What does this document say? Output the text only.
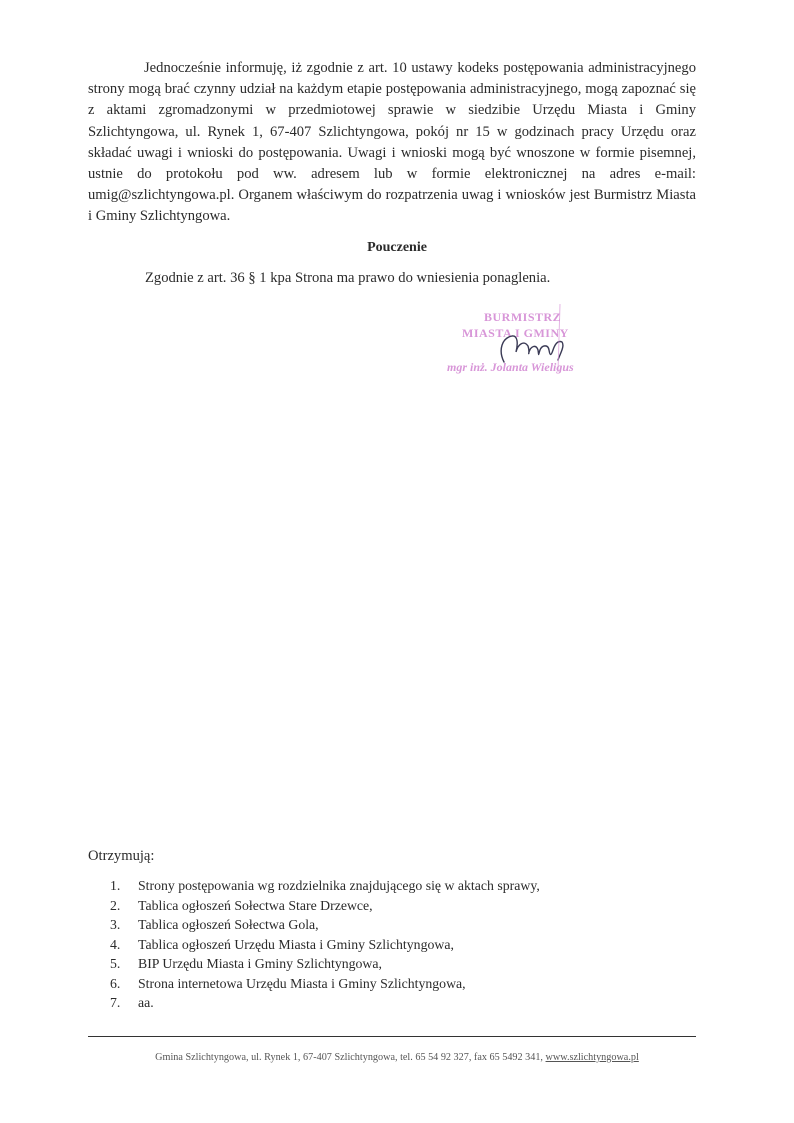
Jednocześnie informuję, iż zgodnie z art. 10 ustawy kodeks postępowania administracyjnego strony mogą brać czynny udział na każdym etapie postępowania administracyjnego, mogą zapoznać się z aktami zgromadzonymi w przedmiotowej sprawie w siedzibie Urzędu Miasta i Gminy Szlichtyngowa, ul. Rynek 1, 67-407 Szlichtyngowa, pokój nr 15 w godzinach pracy Urzędu oraz składać uwagi i wnioski do postępowania. Uwagi i wnioski mogą być wnoszone w formie pisemnej, ustnie do protokołu pod ww. adresem lub w formie elektronicznej na adres e-mail: umig@szlichtyngowa.pl. Organem właściwym do rozpatrzenia uwag i wniosków jest Burmistrz Miasta i Gminy Szlichtyngowa.

Pouczenie

Zgodnie z art. 36 § 1 kpa Strona ma prawo do wniesienia ponaglenia.

BURMISTRZ
MIASTA I GMINY
mgr inż. Jolanta Wieligus

Otrzymują:

1.	Strony postępowania wg rozdzielnika znajdującego się w aktach sprawy,
2.	Tablica ogłoszeń Sołectwa Stare Drzewce,
3.	Tablica ogłoszeń Sołectwa Gola,
4.	Tablica ogłoszeń Urzędu Miasta i Gminy Szlichtyngowa,
5.	BIP Urzędu Miasta i Gminy Szlichtyngowa,
6.	Strona internetowa Urzędu Miasta i Gminy Szlichtyngowa,
7.	aa.

Gmina Szlichtyngowa, ul. Rynek 1, 67-407 Szlichtyngowa, tel. 65 54 92 327, fax 65 5492 341, www.szlichtyngowa.pl
